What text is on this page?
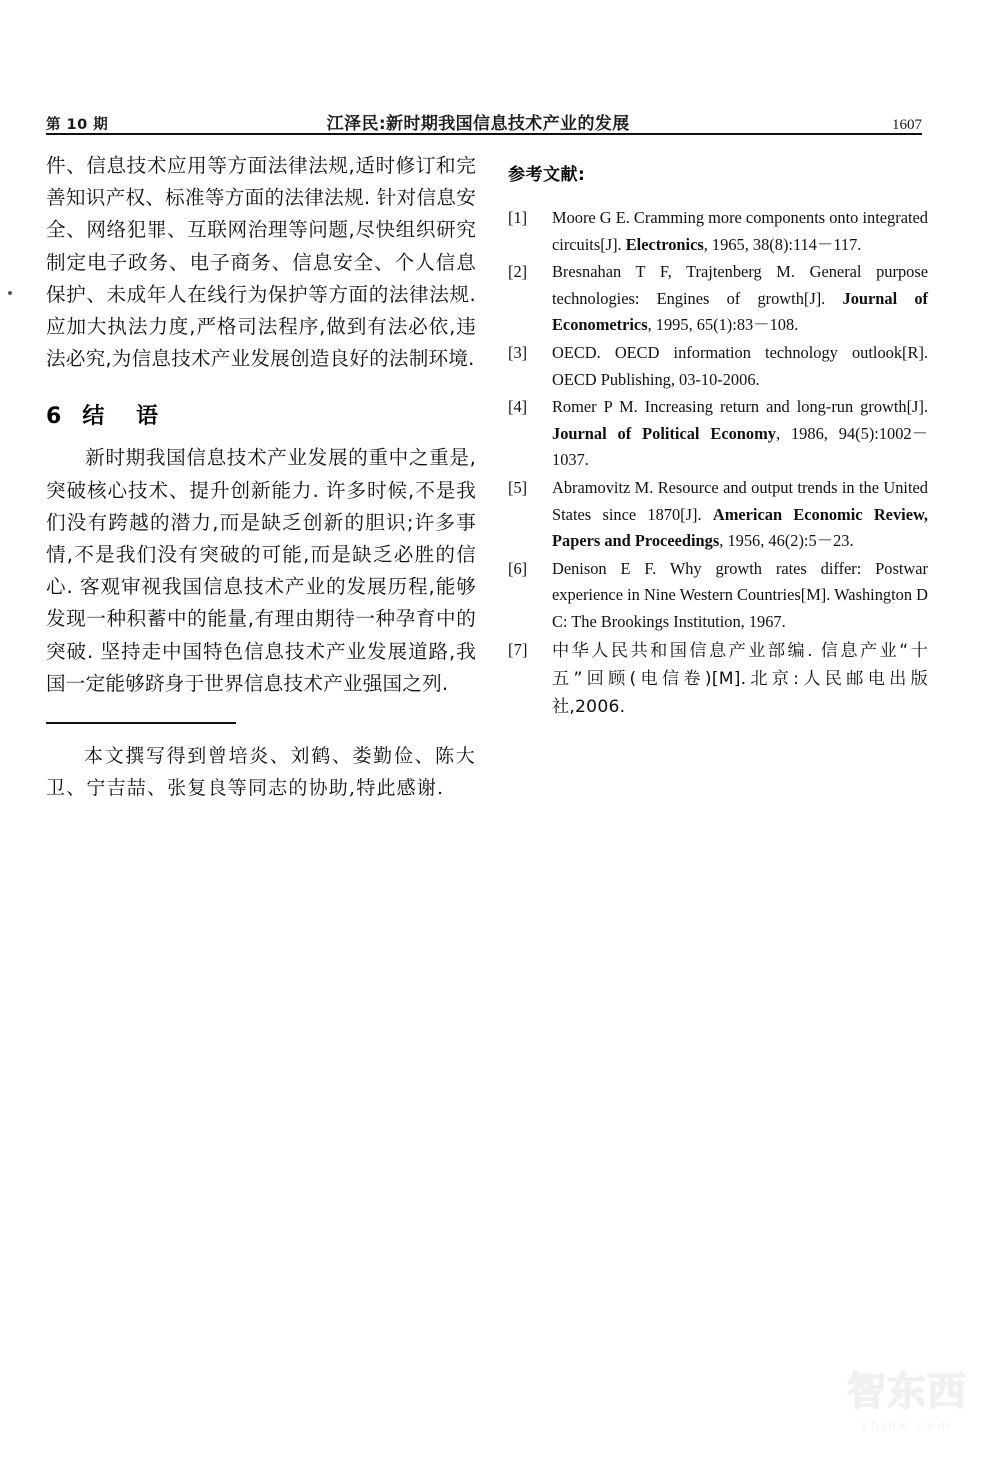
第 10 期	江泽民:新时期我国信息技术产业的发展	1607

件、信息技术应用等方面法律法规,适时修订和完善知识产权、标准等方面的法律法规. 针对信息安全、网络犯罪、互联网治理等问题,尽快组织研究制定电子政务、电子商务、信息安全、个人信息保护、未成年人在线行为保护等方面的法律法规. 应加大执法力度,严格司法程序,做到有法必依,违法必究,为信息技术产业发展创造良好的法制环境.

6 结 语

新时期我国信息技术产业发展的重中之重是,突破核心技术、提升创新能力. 许多时候,不是我们没有跨越的潜力,而是缺乏创新的胆识;许多事情,不是我们没有突破的可能,而是缺乏必胜的信心. 客观审视我国信息技术产业的发展历程,能够发现一种积蓄中的能量,有理由期待一种孕育中的突破. 坚持走中国特色信息技术产业发展道路,我国一定能够跻身于世界信息技术产业强国之列.

本文撰写得到曾培炎、刘鹤、娄勤俭、陈大卫、宁吉喆、张复良等同志的协助,特此感谢.

参考文献:
[1] Moore G E. Cramming more components onto integrated circuits[J]. Electronics, 1965, 38(8):114－117.
[2] Bresnahan T F, Trajtenberg M. General purpose technologies: Engines of growth[J]. Journal of Econometrics, 1995, 65(1):83－108.
[3] OECD. OECD information technology outlook[R]. OECD Publishing, 03-10-2006.
[4] Romer P M. Increasing return and long-run growth[J]. Journal of Political Economy, 1986, 94(5):1002－1037.
[5] Abramovitz M. Resource and output trends in the United States since 1870[J]. American Economic Review, Papers and Proceedings, 1956, 46(2):5－23.
[6] Denison E F. Why growth rates differ: Postwar experience in Nine Western Countries[M]. Washington D C: The Brookings Institution, 1967.
[7] 中华人民共和国信息产业部编. 信息产业“十五”回顾(电信卷)[M].北京:人民邮电出版社,2006.
智东西
zhidx.com
